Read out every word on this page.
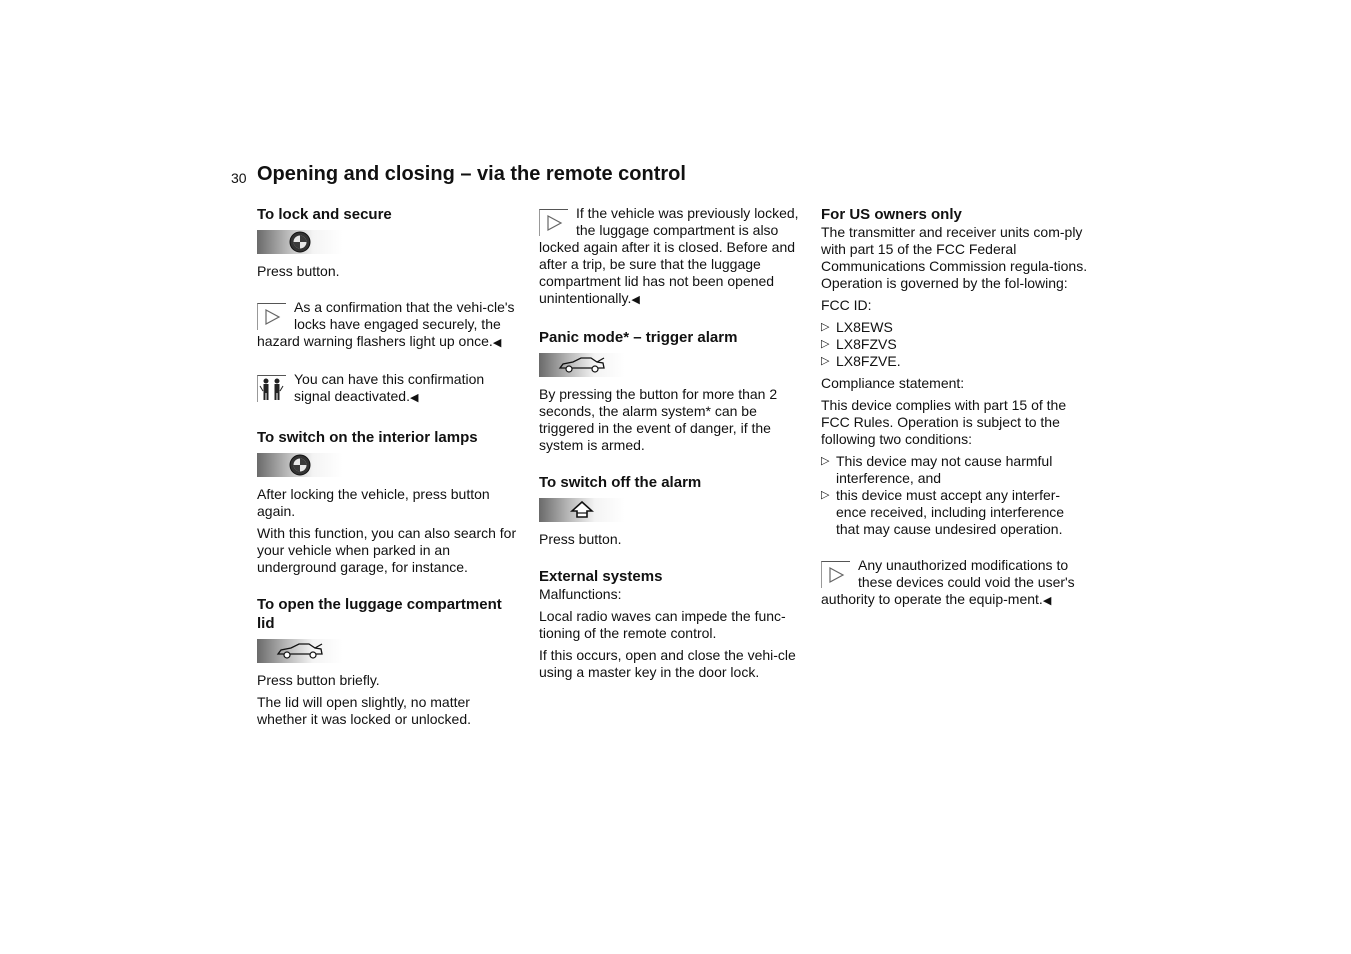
30 Opening and closing – via the remote control
To lock and secure

Press button.

As a confirmation that the vehi-cle's locks have engaged securely, the hazard warning flashers light up once.◀
You can have this confirmation signal deactivated.◀
To switch on the interior lamps

After locking the vehicle, press button again.

With this function, you can also search for your vehicle when parked in an underground garage, for instance.

To open the luggage compartment lid

Press button briefly.

The lid will open slightly, no matter whether it was locked or unlocked.

If the vehicle was previously locked, the luggage compartment is also locked again after it is closed. Before and after a trip, be sure that the luggage compartment lid has not been opened unintentionally.◀
Panic mode* – trigger alarm

By pressing the button for more than 2 seconds, the alarm system* can be triggered in the event of danger, if the system is armed.

To switch off the alarm

Press button.

External systems

Malfunctions:

Local radio waves can impede the func-tioning of the remote control.

If this occurs, open and close the vehi-cle using a master key in the door lock.

For US owners only

The transmitter and receiver units com-ply with part 15 of the FCC Federal Communications Commission regula-tions. Operation is governed by the fol-lowing:

FCC ID:

▷ LX8EWS
▷ LX8FZVS
▷ LX8FZVE.

Compliance statement:

This device complies with part 15 of the FCC Rules. Operation is subject to the following two conditions:

▷ This device may not cause harmful interference, and
▷ this device must accept any interfer-ence received, including interference that may cause undesired operation.
Any unauthorized modifications to these devices could void the user's authority to operate the equip-ment.◀
